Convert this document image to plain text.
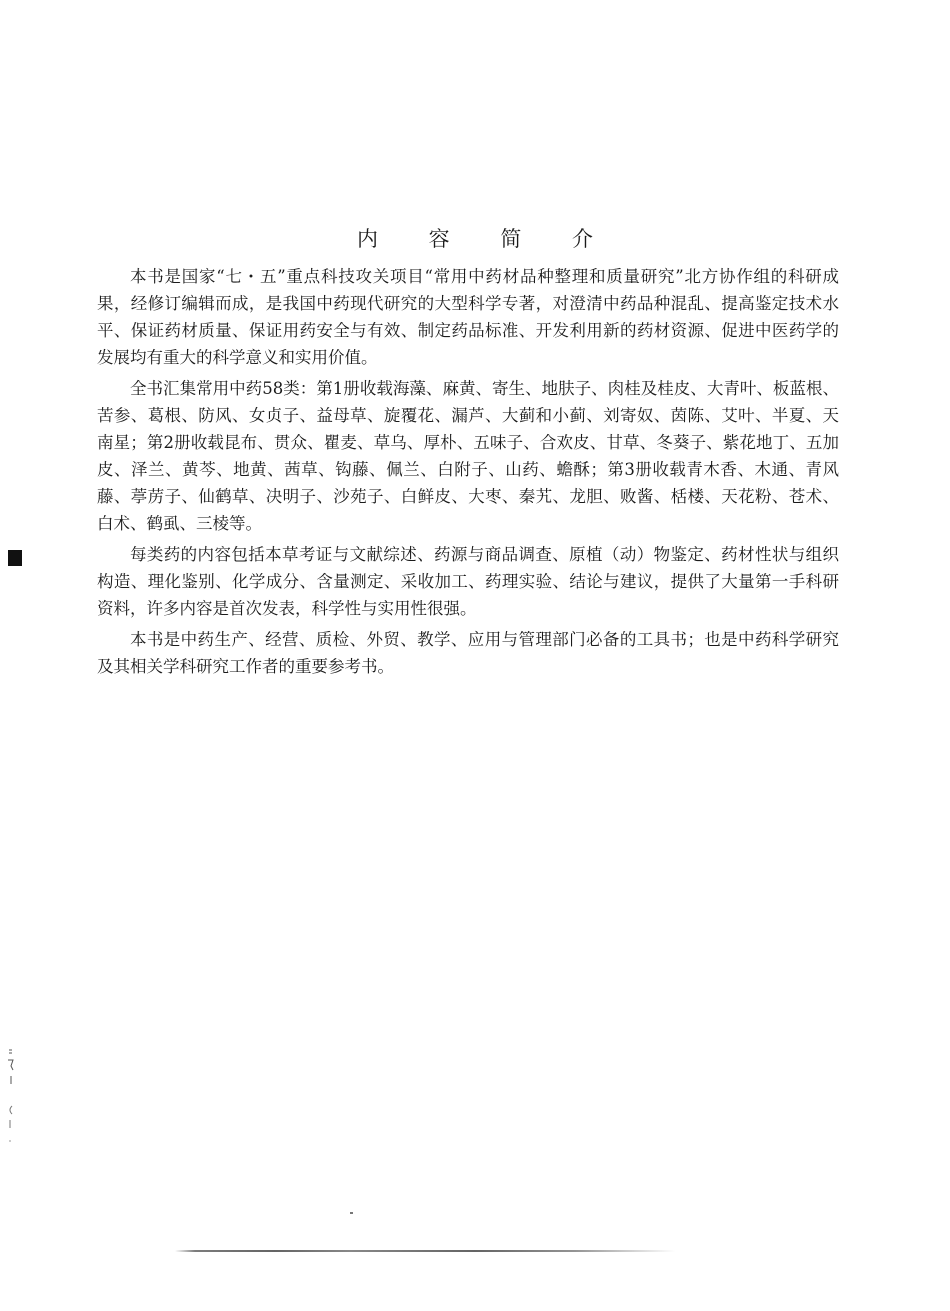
内 容 简 介

本书是国家“七・五”重点科技攻关项目“常用中药材品种整理和质量研究”北方协作组的科研成果，经修订编辑而成，是我国中药现代研究的大型科学专著，对澄清中药品种混乱、提高鉴定技术水平、保证药材质量、保证用药安全与有效、制定药品标准、开发利用新的药材资源、促进中医药学的发展均有重大的科学意义和实用价值。

全书汇集常用中药58类：第1册收载海藻、麻黄、寄生、地肤子、肉桂及桂皮、大青叶、板蓝根、苦参、葛根、防风、女贞子、益母草、旋覆花、漏芦、大蓟和小蓟、刘寄奴、茵陈、艾叶、半夏、天南星；第2册收载昆布、贯众、瞿麦、草乌、厚朴、五味子、合欢皮、甘草、冬葵子、紫花地丁、五加皮、泽兰、黄芩、地黄、茜草、钩藤、佩兰、白附子、山药、蟾酥；第3册收载青木香、木通、青风藤、葶苈子、仙鹤草、决明子、沙苑子、白鲜皮、大枣、秦艽、龙胆、败酱、栝楼、天花粉、苍术、白术、鹤虱、三棱等。

每类药的内容包括本草考证与文献综述、药源与商品调查、原植（动）物鉴定、药材性状与组织构造、理化鉴别、化学成分、含量测定、采收加工、药理实验、结论与建议，提供了大量第一手科研资料，许多内容是首次发表，科学性与实用性很强。

本书是中药生产、经营、质检、外贸、教学、应用与管理部门必备的工具书；也是中药科学研究及其相关学科研究工作者的重要参考书。
